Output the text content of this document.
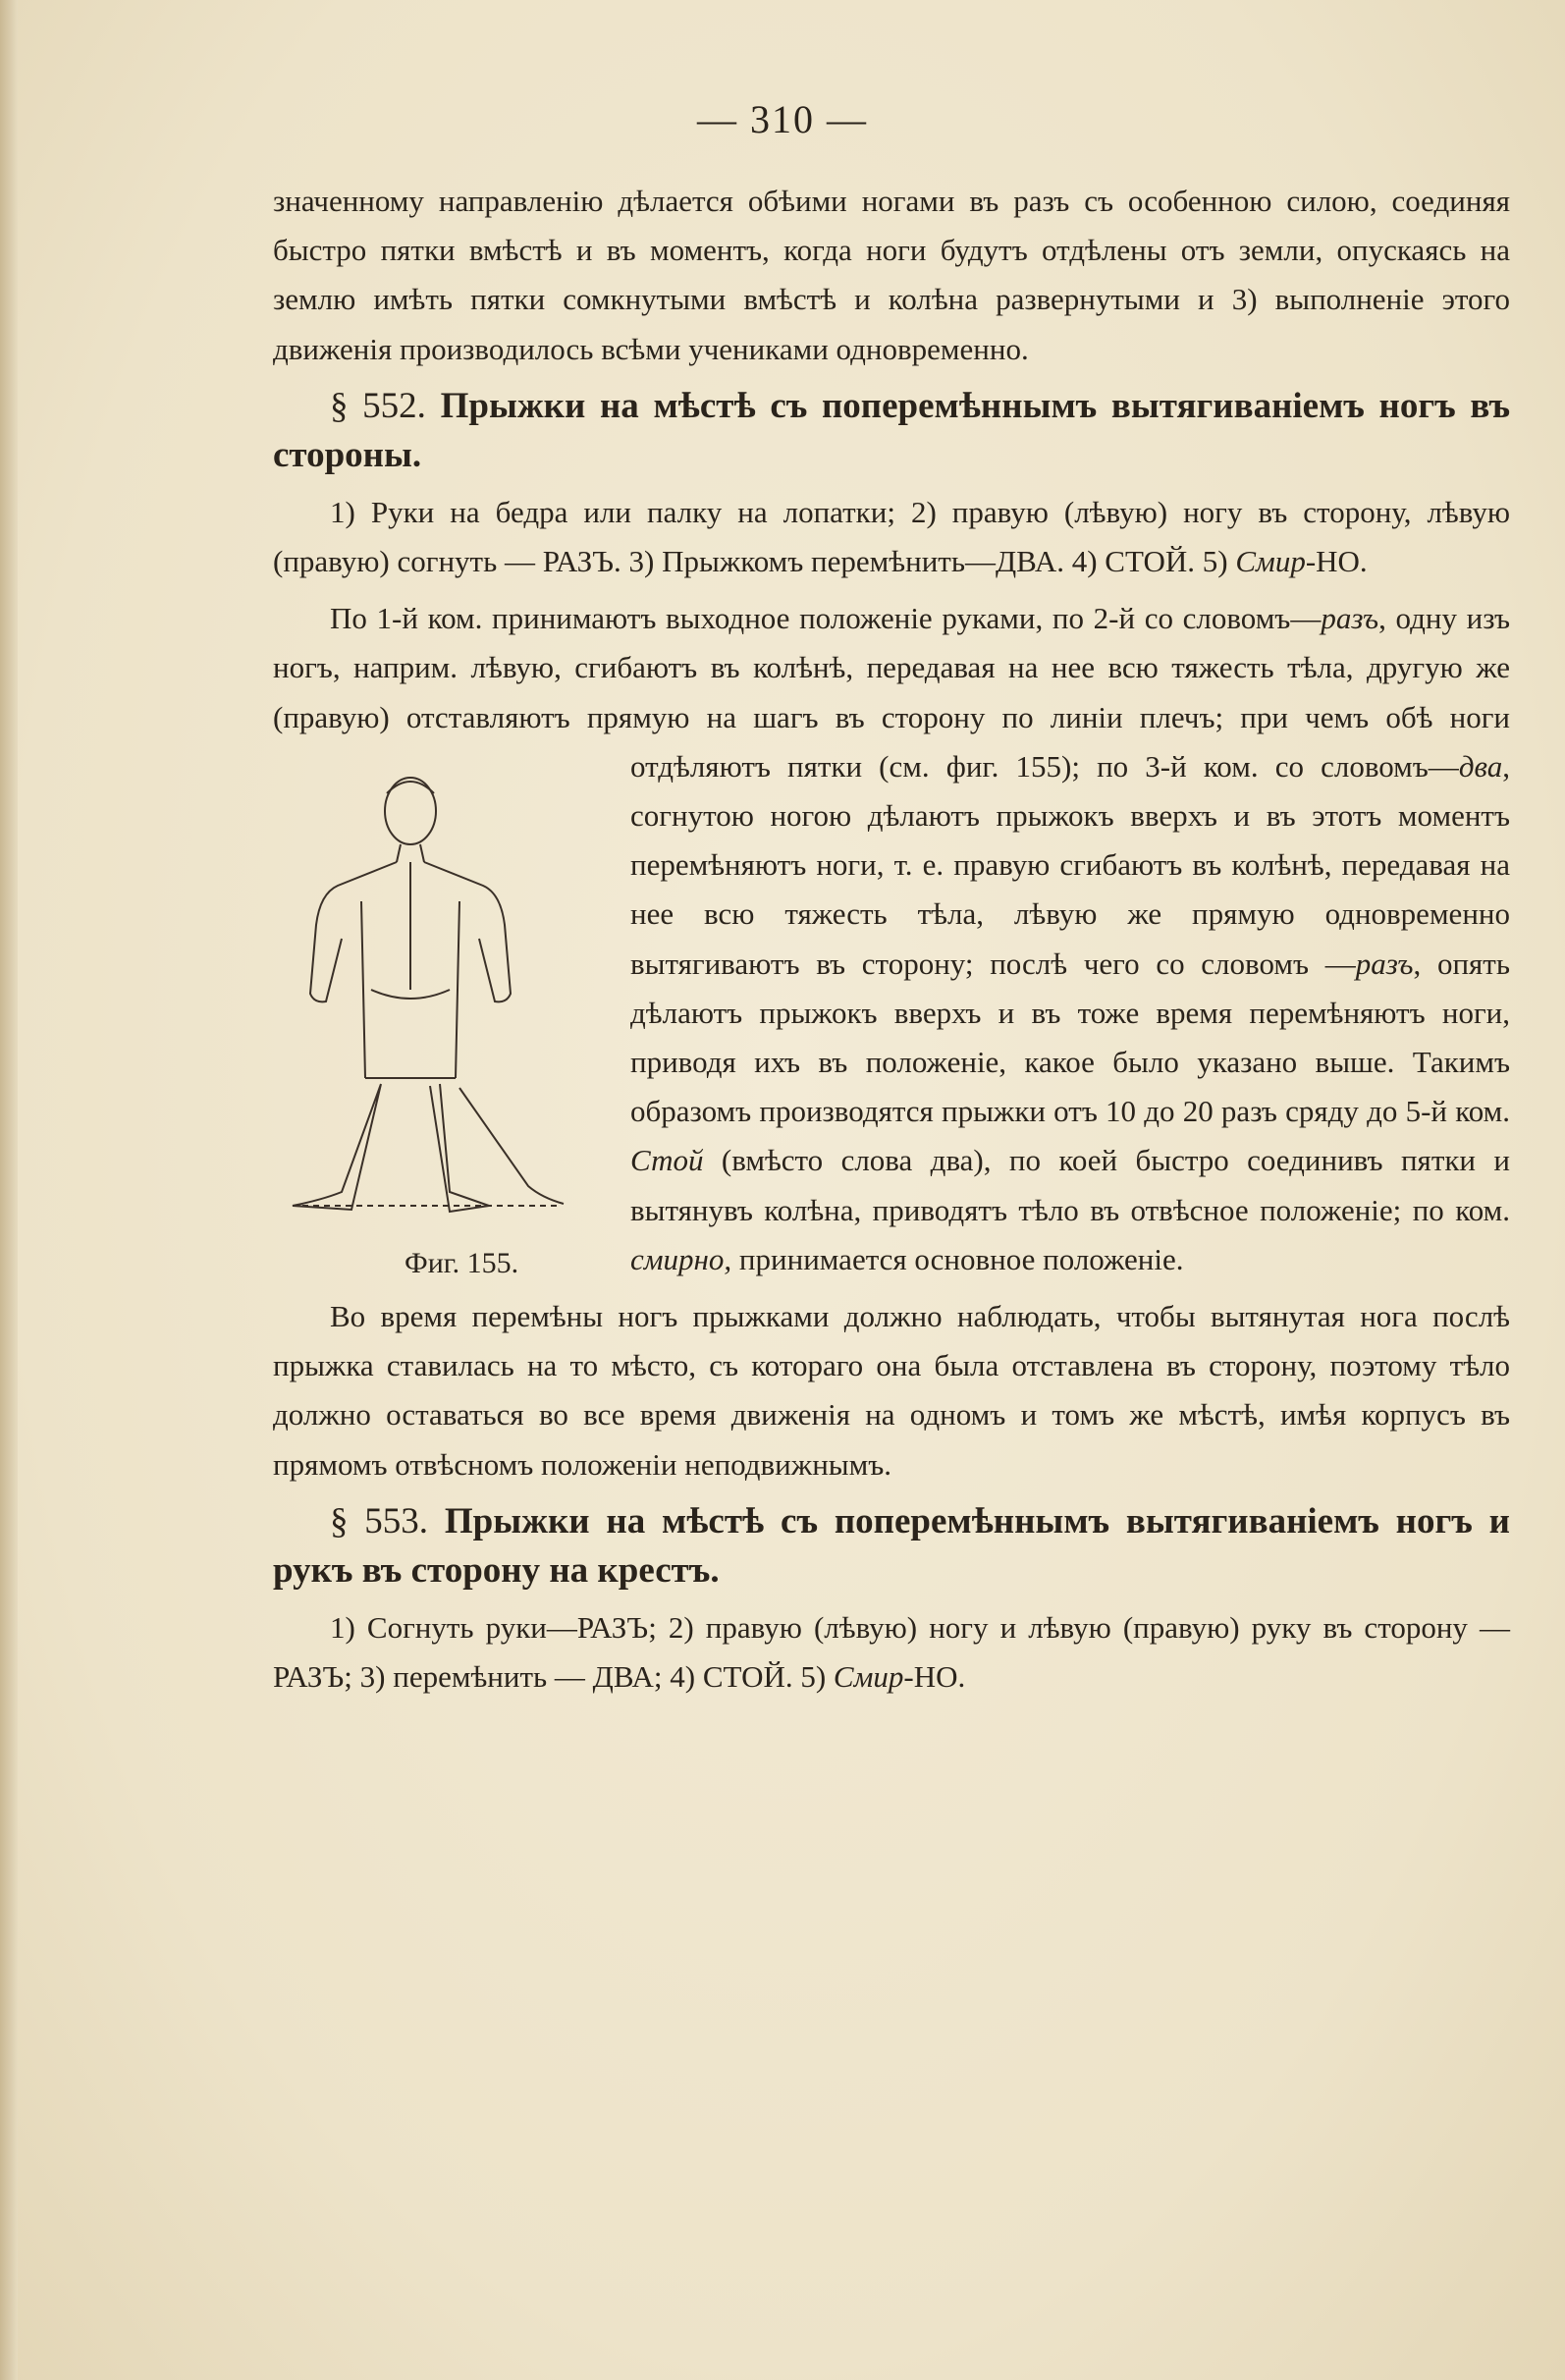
— 310 —

значенному направленію дѣлается обѣими ногами въ разъ съ особенною силою, соединяя быстро пятки вмѣстѣ и въ моментъ, когда ноги будутъ отдѣлены отъ земли, опускаясь на землю имѣть пятки сомкнутыми вмѣстѣ и колѣна развернутыми и 3) выполненіе этого движенія производилось всѣми учениками одновременно.

§ 552. Прыжки на мѣстѣ съ поперемѣннымъ вытягиваніемъ ногъ въ стороны.

1) Руки на бедра или палку на лопатки; 2) правую (лѣвую) ногу въ сторону, лѣвую (правую) согнуть — РАЗЪ. 3) Прыжкомъ перемѣнить—ДВА. 4) СТОЙ. 5) Смир-НО.

По 1-й ком. принимаютъ выходное положеніе руками, по 2-й со словомъ—разъ, одну изъ ногъ, наприм. лѣвую, сгибаютъ въ колѣнѣ, передавая на нее всю тяжесть тѣла, другую же (правую) отставляютъ прямую на шагъ въ сторону по линіи плечъ; при чемъ обѣ ноги отдѣляютъ пятки (см. фиг. 155); по 3-й ком. со словомъ—два
Фиг. 155.
, согнутою ногою дѣлаютъ прыжокъ вверхъ и въ этотъ моментъ перемѣняютъ ноги, т. е. правую сгибаютъ въ колѣнѣ, передавая на нее всю тяжесть тѣла, лѣвую же прямую одновременно вытягиваютъ въ сторону; послѣ чего со словомъ —разъ, опять дѣлаютъ прыжокъ вверхъ и въ тоже время перемѣняютъ ноги, приводя ихъ въ положеніе, какое было указано выше. Такимъ образомъ производятся прыжки отъ 10 до 20 разъ сряду до 5-й ком. Стой (вмѣсто слова два), по коей быстро соединивъ пятки и вытянувъ колѣна, приводятъ тѣло въ отвѣсное положеніе; по ком. смирно, принимается основное положеніе.

Во время перемѣны ногъ прыжками должно наблюдать, чтобы вытянутая нога послѣ прыжка ставилась на то мѣсто, съ котораго она была отставлена въ сторону, поэтому тѣло должно оставаться во все время движенія на одномъ и томъ же мѣстѣ, имѣя корпусъ въ прямомъ отвѣсномъ положеніи неподвижнымъ.

§ 553. Прыжки на мѣстѣ съ поперемѣннымъ вытягиваніемъ ногъ и рукъ въ сторону на крестъ.

1) Согнуть руки—РАЗЪ; 2) правую (лѣвую) ногу и лѣвую (правую) руку въ сторону — РАЗЪ; 3) перемѣнить — ДВА; 4) СТОЙ. 5) Смир-НО.
